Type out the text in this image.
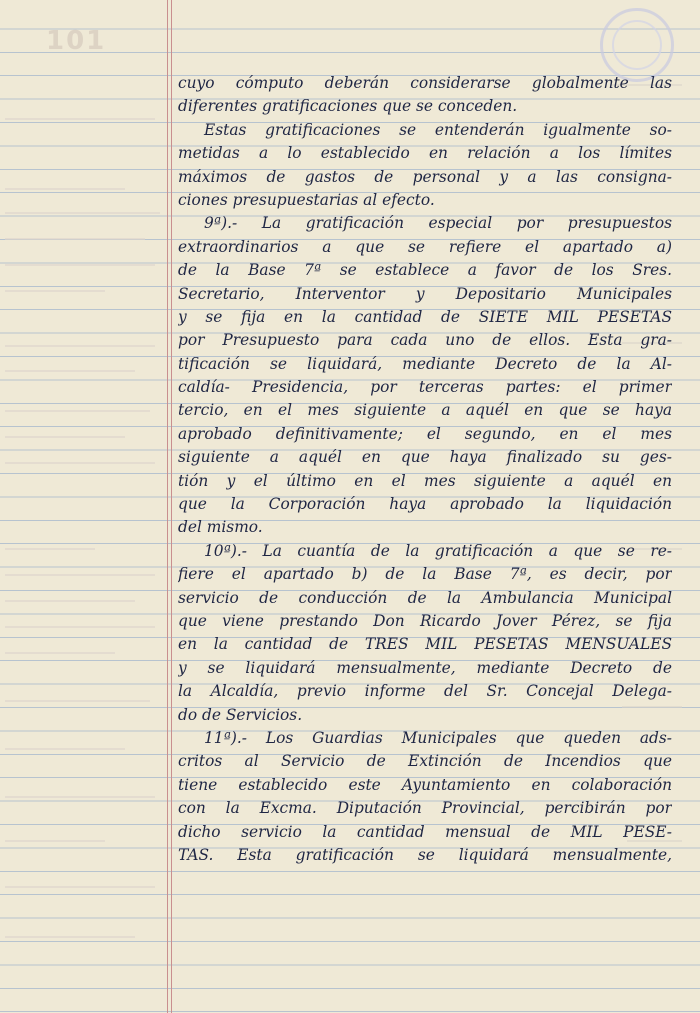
101
cuyo cómputo deberán considerarse globalmente las
diferentes gratificaciones que se conceden.
Estas gratificaciones se entenderán igualmente so-
metidas a lo establecido en relación a los límites
máximos de gastos de personal y a las consigna-
ciones presupuestarias al efecto.
9ª).- La gratificación especial por presupuestos
extraordinarios a que se refiere el apartado a)
de la Base 7ª se establece a favor de los Sres.
Secretario, Interventor y Depositario Municipales
y se fija en la cantidad de SIETE MIL PESETAS
por Presupuesto para cada uno de ellos. Esta gra-
tificación se liquidará, mediante Decreto de la Al-
caldía- Presidencia, por terceras partes: el primer
tercio, en el mes siguiente a aquél en que se haya
aprobado definitivamente; el segundo, en el mes
siguiente a aquél en que haya finalizado su ges-
tión y el último en el mes siguiente a aquél en
que la Corporación haya aprobado la liquidación
del mismo.
10ª).- La cuantía de la gratificación a que se re-
fiere el apartado b) de la Base 7ª, es decir, por
servicio de conducción de la Ambulancia Municipal
que viene prestando Don Ricardo Jover Pérez, se fija
en la cantidad de TRES MIL PESETAS MENSUALES
y se liquidará mensualmente, mediante Decreto de
la Alcaldía, previo informe del Sr. Concejal Delega-
do de Servicios.
11ª).- Los Guardias Municipales que queden ads-
critos al Servicio de Extinción de Incendios que
tiene establecido este Ayuntamiento en colaboración
con la Excma. Diputación Provincial, percibirán por
dicho servicio la cantidad mensual de MIL PESE-
TAS. Esta gratificación se liquidará mensualmente,
